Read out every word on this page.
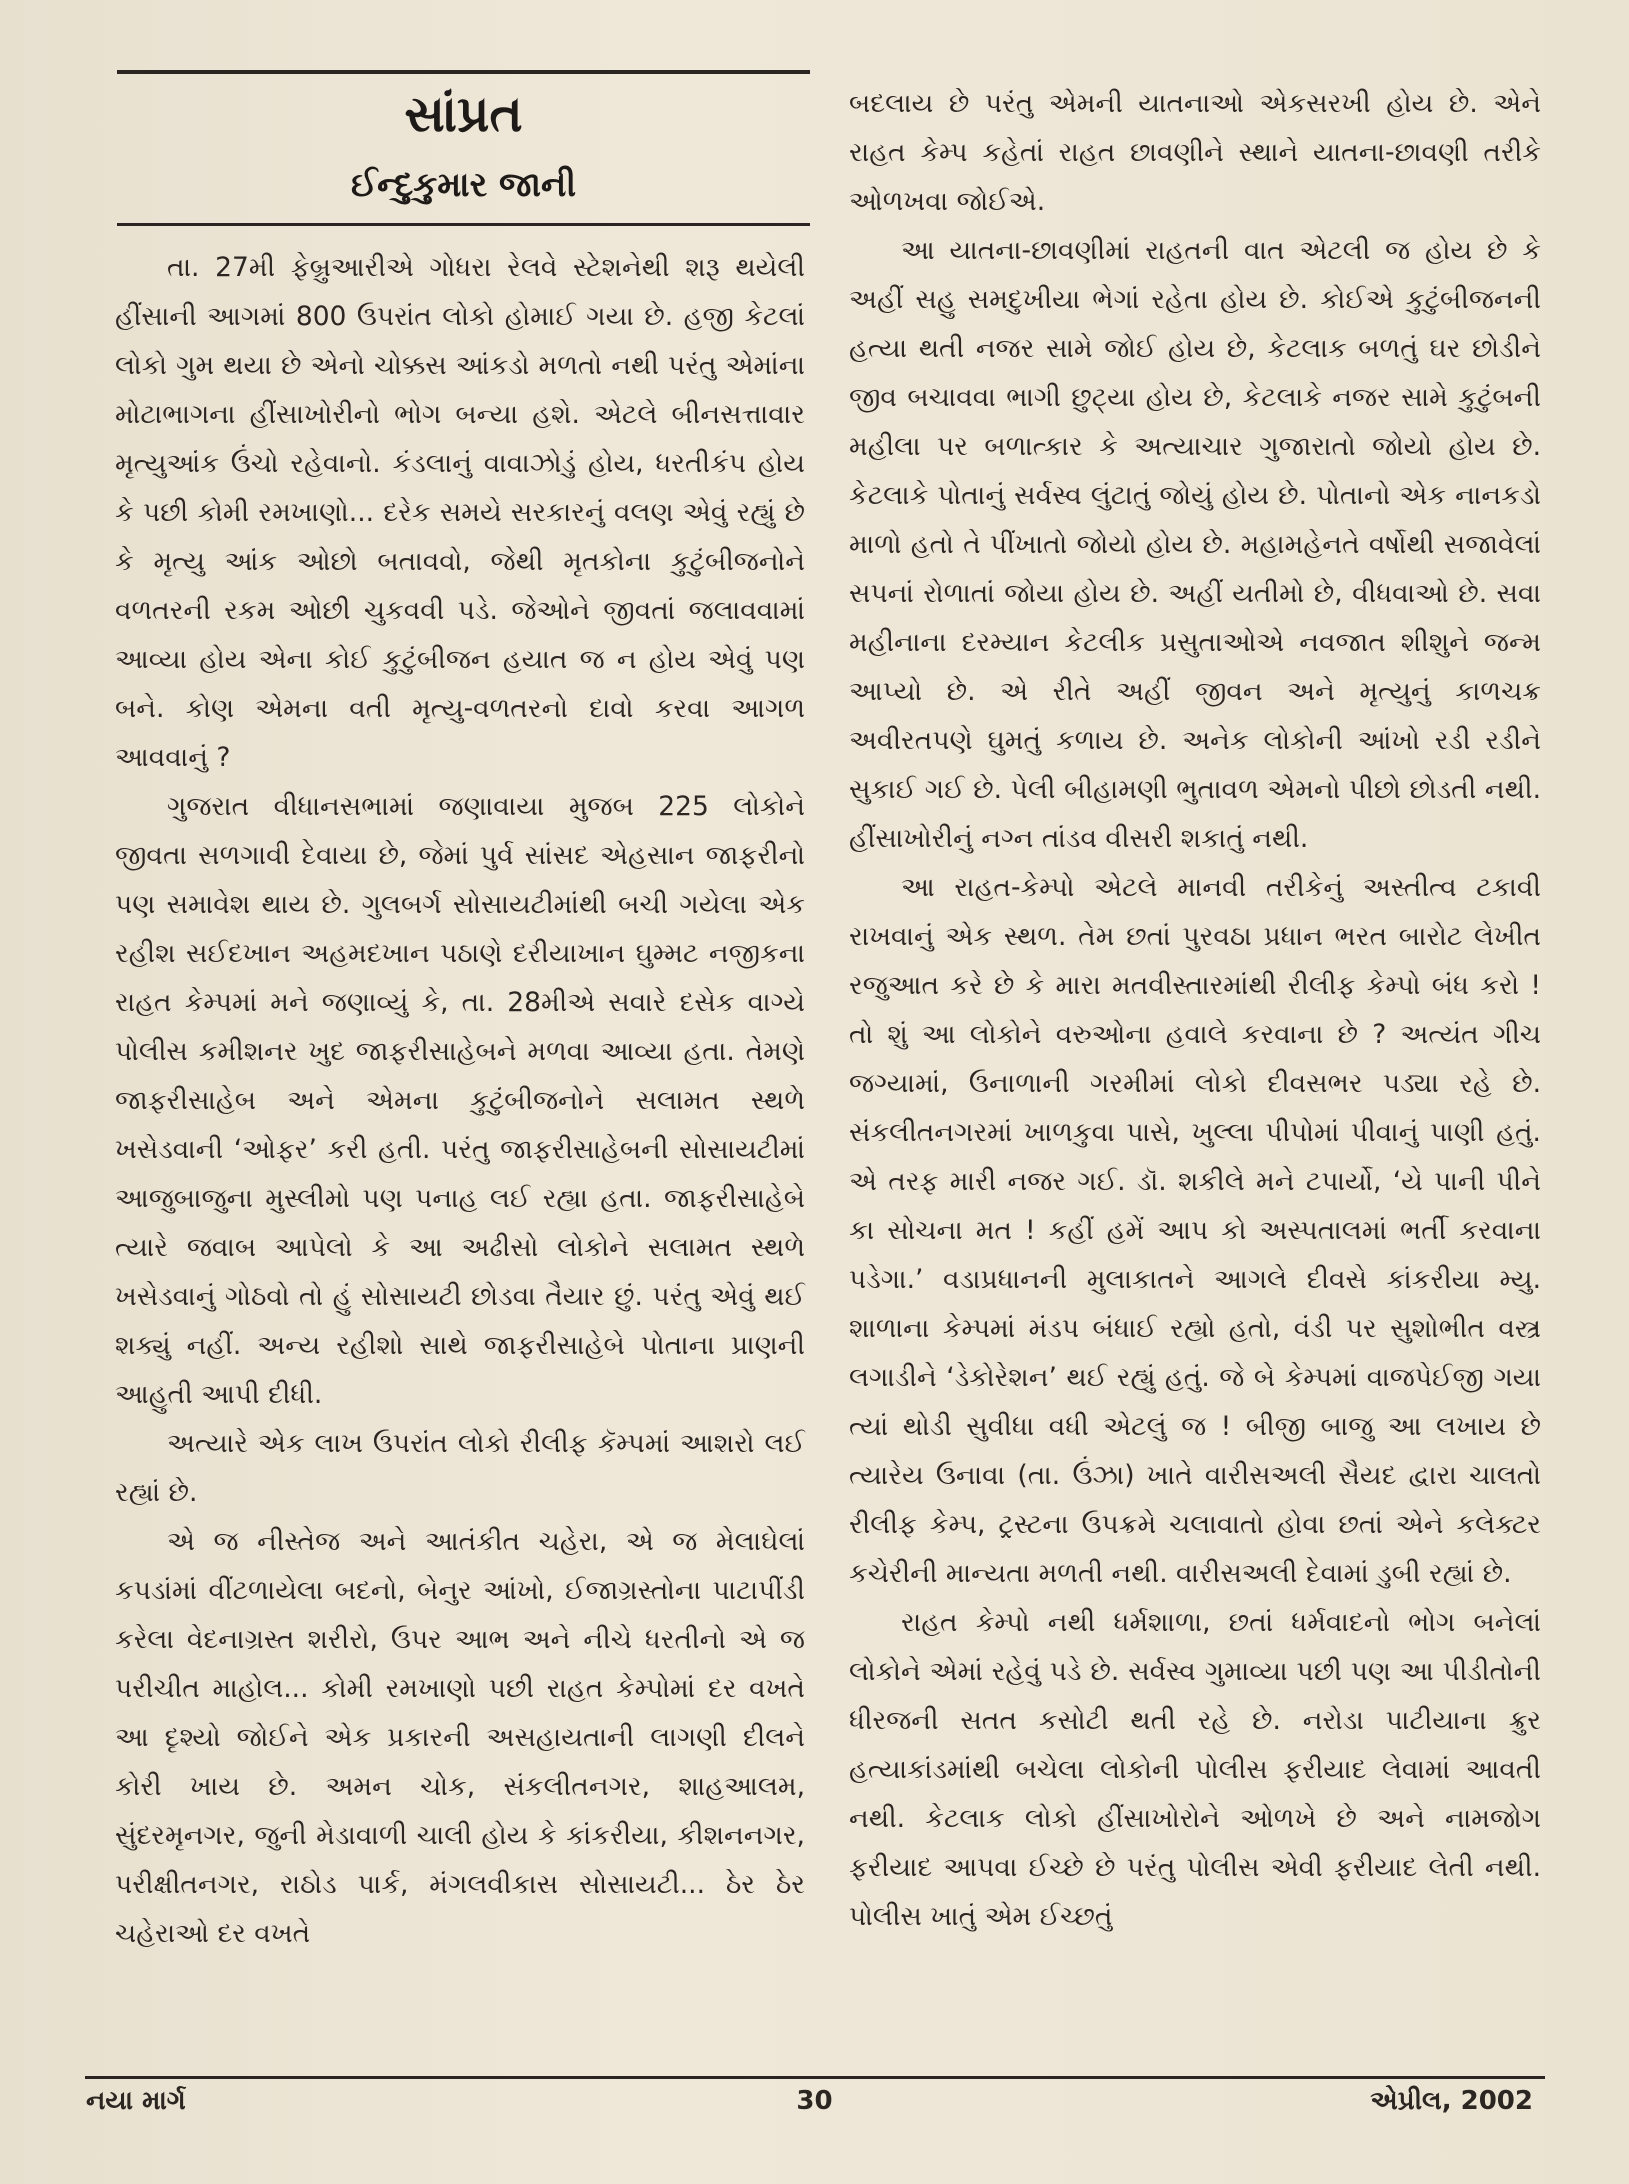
સાંપ્રત
ઈન્દુકુમાર જાની

તા. 27મી ફેબ્રુઆરીએ ગોધરા રેલવે સ્ટેશનેથી શરૂ થયેલી હીંસાની આગમાં 800 ઉપરાંત લોકો હોમાઈ ગયા છે. હજી કેટલાં લોકો ગુમ થયા છે એનો ચોક્કસ આંકડો મળતો નથી પરંતુ એમાંના મોટાભાગના હીંસાખોરીનો ભોગ બન્યા હશે. એટલે બીનસત્તાવાર મૃત્યુઆંક ઉંચો રહેવાનો. કંડલાનું વાવાઝોડું હોય, ધરતીકંપ હોય કે પછી કોમી રમખાણો... દરેક સમયે સરકારનું વલણ એવું રહ્યું છે કે મૃત્યુ આંક ઓછો બતાવવો, જેથી મૃતકોના કુટુંબીજનોને વળતરની રકમ ઓછી ચુકવવી પડે. જેઓને જીવતાં જલાવવામાં આવ્યા હોય એના કોઈ કુટુંબીજન હયાત જ ન હોય એવું પણ બને. કોણ એમના વતી મૃત્યુ-વળતરનો દાવો કરવા આગળ આવવાનું ?

ગુજરાત વીધાનસભામાં જણાવાયા મુજબ 225 લોકોને જીવતા સળગાવી દેવાયા છે, જેમાં પુર્વ સાંસદ એહસાન જાફરીનો પણ સમાવેશ થાય છે. ગુલબર્ગ સોસાયટીમાંથી બચી ગયેલા એક રહીશ સઈદખાન અહમદખાન પઠાણે દરીયાખાન ઘુમ્મટ નજીકના રાહત કેમ્પમાં મને જણાવ્યું કે, તા. 28મીએ સવારે દસેક વાગ્યે પોલીસ કમીશનર ખુદ જાફરીસાહેબને મળવા આવ્યા હતા. તેમણે જાફરીસાહેબ અને એમના કુટુંબીજનોને સલામત સ્થળે ખસેડવાની ‘ઓફર’ કરી હતી. પરંતુ જાફરીસાહેબની સોસાયટીમાં આજુબાજુના મુસ્લીમો પણ પનાહ લઈ રહ્યા હતા. જાફરીસાહેબે ત્યારે જવાબ આપેલો કે આ અઢીસો લોકોને સલામત સ્થળે ખસેડવાનું ગોઠવો તો હું સોસાયટી છોડવા તૈયાર છું. પરંતુ એવું થઈ શક્યું નહીં. અન્ય રહીશો સાથે જાફરીસાહેબે પોતાના પ્રાણની આહુતી આપી દીધી.

અત્યારે એક લાખ ઉપરાંત લોકો રીલીફ કૅમ્પમાં આશરો લઈ રહ્યાં છે.

એ જ નીસ્તેજ અને આતંકીત ચહેરા, એ જ મેલાઘેલાં કપડાંમાં વીંટળાયેલા બદનો, બેનુર આંખો, ઈજાગ્રસ્તોના પાટાપીંડી કરેલા વેદનાગ્રસ્ત શરીરો, ઉપર આભ અને નીચે ધરતીનો એ જ પરીચીત માહોલ... કોમી રમખાણો પછી રાહત કેમ્પોમાં દર વખતે આ દૃશ્યો જોઈને એક પ્રકારની અસહાયતાની લાગણી દીલને કોરી ખાય છે. અમન ચોક, સંકલીતનગર, શાહઆલમ, સુંદરમૃનગર, જુની મેડાવાળી ચાલી હોય કે કાંકરીયા, કીશનનગર, પરીક્ષીતનગર, રાઠોડ પાર્ક, મંગલવીકાસ સોસાયટી... ઠેર ઠેર ચહેરાઓ દર વખતે

બદલાય છે પરંતુ એમની યાતનાઓ એકસરખી હોય છે. એને રાહત કેમ્પ કહેતાં રાહત છાવણીને સ્થાને યાતના-છાવણી તરીકે ઓળખવા જોઈએ.

આ યાતના-છાવણીમાં રાહતની વાત એટલી જ હોય છે કે અહીં સહુ સમદુખીયા ભેગાં રહેતા હોય છે. કોઈએ કુટુંબીજનની હત્યા થતી નજર સામે જોઈ હોય છે, કેટલાક બળતું ઘર છોડીને જીવ બચાવવા ભાગી છુટ્યા હોય છે, કેટલાકે નજર સામે કુટુંબની મહીલા પર બળાત્કાર કે અત્યાચાર ગુજારાતો જોયો હોય છે. કેટલાકે પોતાનું સર્વસ્વ લુંટાતું જોયું હોય છે. પોતાનો એક નાનકડો માળો હતો તે પીંખાતો જોયો હોય છે. મહામહેનતે વર્ષોથી સજાવેલાં સપનાં રોળાતાં જોયા હોય છે. અહીં યતીમો છે, વીધવાઓ છે. સવા મહીનાના દરમ્યાન કેટલીક પ્રસુતાઓએ નવજાત શીશુને જન્મ આપ્યો છે. એ રીતે અહીં જીવન અને મૃત્યુનું કાળચક્ર અવીરતપણે ઘુમતું કળાય છે. અનેક લોકોની આંખો રડી રડીને સુકાઈ ગઈ છે. પેલી બીહામણી ભુતાવળ એમનો પીછો છોડતી નથી. હીંસાખોરીનું નગ્ન તાંડવ વીસરી શકાતું નથી.

આ રાહત-કેમ્પો એટલે માનવી તરીકેનું અસ્તીત્વ ટકાવી રાખવાનું એક સ્થળ. તેમ છતાં પુરવઠા પ્રધાન ભરત બારોટ લેખીત રજુઆત કરે છે કે મારા મતવીસ્તારમાંથી રીલીફ કેમ્પો બંધ કરો ! તો શું આ લોકોને વરુઓના હવાલે કરવાના છે ? અત્યંત ગીચ જગ્યામાં, ઉનાળાની ગરમીમાં લોકો દીવસભર પડ્યા રહે છે. સંકલીતનગરમાં ખાળકુવા પાસે, ખુલ્લા પીપોમાં પીવાનું પાણી હતું. એ તરફ મારી નજર ગઈ. ડૉ. શકીલે મને ટપાર્યો, ‘યે પાની પીને કા સોચના મત ! કહીં હમેં આપ કો અસ્પતાલમાં ભર્તી કરવાના પડેગા.’ વડાપ્રધાનની મુલાકાતને આગલે દીવસે કાંકરીયા મ્યુ. શાળાના કેમ્પમાં મંડપ બંધાઈ રહ્યો હતો, વંડી પર સુશોભીત વસ્ત્ર લગાડીને ‘ડેકોરેશન’ થઈ રહ્યું હતું. જે બે કેમ્પમાં વાજપેઈજી ગયા ત્યાં થોડી સુવીધા વધી એટલું જ ! બીજી બાજુ આ લખાય છે ત્યારેય ઉનાવા (તા. ઉંઝા) ખાતે વારીસઅલી સૈયદ દ્વારા ચાલતો રીલીફ કેમ્પ, ટ્રસ્ટના ઉપક્રમે ચલાવાતો હોવા છતાં એને કલેક્ટર કચેરીની માન્યતા મળતી નથી. વારીસઅલી દેવામાં ડુબી રહ્યાં છે.

રાહત કેમ્પો નથી ધર્મશાળા, છતાં ધર્મવાદનો ભોગ બનેલાં લોકોને એમાં રહેવું પડે છે. સર્વસ્વ ગુમાવ્યા પછી પણ આ પીડીતોની ધીરજની સતત કસોટી થતી રહે છે. નરોડા પાટીયાના ક્રુર હત્યાકાંડમાંથી બચેલા લોકોની પોલીસ ફરીયાદ લેવામાં આવતી નથી. કેટલાક લોકો હીંસાખોરોને ઓળખે છે અને નામજોગ ફરીયાદ આપવા ઈચ્છે છે પરંતુ પોલીસ એવી ફરીયાદ લેતી નથી. પોલીસ ખાતું એમ ઈચ્છતું

નયા માર્ગ	30	એપ્રીલ, 2002
